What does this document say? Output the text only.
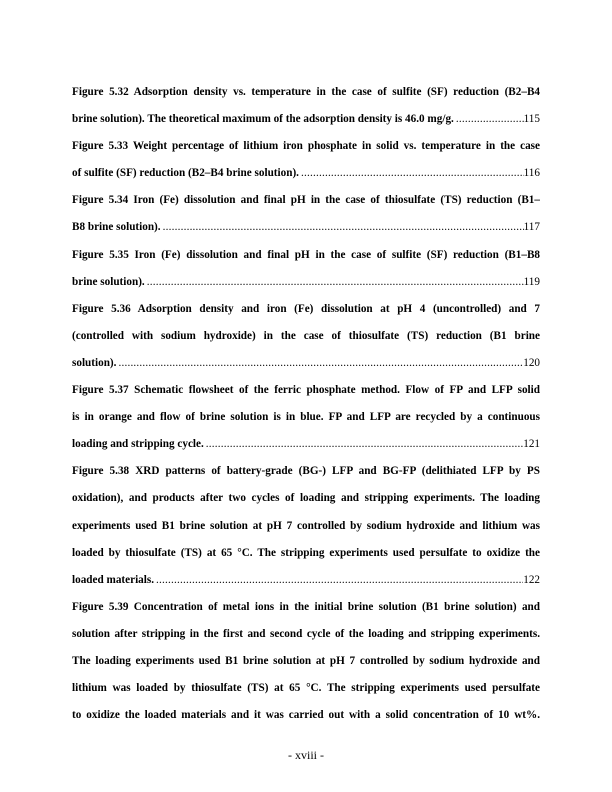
Figure 5.32 Adsorption density vs. temperature in the case of sulfite (SF) reduction (B2–B4
brine solution). The theoretical maximum of the adsorption density is 46.0 mg/g. .....	115
Figure 5.33 Weight percentage of lithium iron phosphate in solid vs. temperature in the case
of sulfite (SF) reduction (B2–B4 brine solution). .....	116
Figure 5.34 Iron (Fe) dissolution and final pH in the case of thiosulfate (TS) reduction (B1–
B8 brine solution). .....	117
Figure 5.35 Iron (Fe) dissolution and final pH in the case of sulfite (SF) reduction (B1–B8
brine solution). .....	119
Figure 5.36 Adsorption density and iron (Fe) dissolution at pH 4 (uncontrolled) and 7
(controlled with sodium hydroxide) in the case of thiosulfate (TS) reduction (B1 brine
solution). .....	120
Figure 5.37 Schematic flowsheet of the ferric phosphate method. Flow of FP and LFP solid
is in orange and flow of brine solution is in blue. FP and LFP are recycled by a continuous
loading and stripping cycle. .....	121
Figure 5.38 XRD patterns of battery-grade (BG-) LFP and BG-FP (delithiated LFP by PS
oxidation), and products after two cycles of loading and stripping experiments. The loading
experiments used B1 brine solution at pH 7 controlled by sodium hydroxide and lithium was
loaded by thiosulfate (TS) at 65 °C. The stripping experiments used persulfate to oxidize the
loaded materials. .....	122
Figure 5.39 Concentration of metal ions in the initial brine solution (B1 brine solution) and
solution after stripping in the first and second cycle of the loading and stripping experiments.
The loading experiments used B1 brine solution at pH 7 controlled by sodium hydroxide and
lithium was loaded by thiosulfate (TS) at 65 °C. The stripping experiments used persulfate
to oxidize the loaded materials and it was carried out with a solid concentration of 10 wt%.
- xviii -
